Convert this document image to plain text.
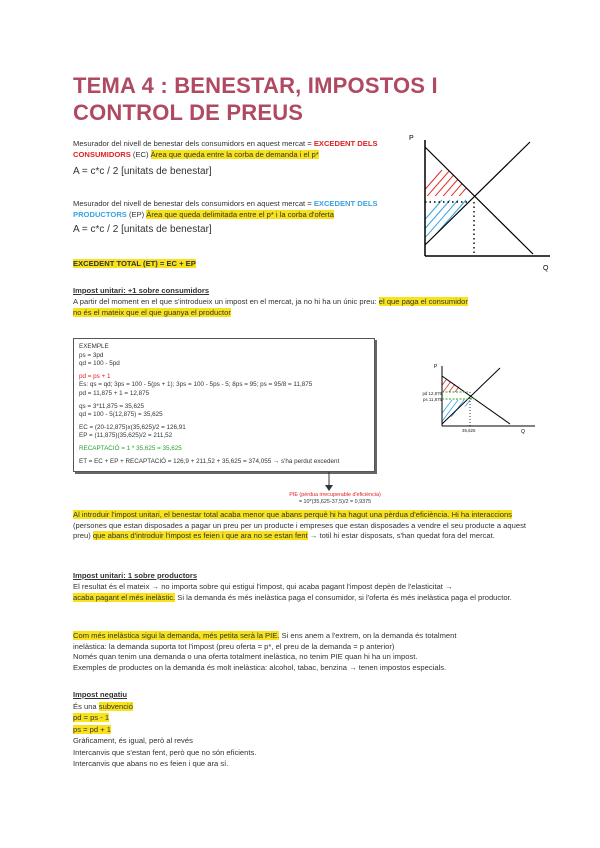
TEMA 4 : BENESTAR, IMPOSTOS I CONTROL DE PREUS
Mesurador del nivell de benestar dels consumidors en aquest mercat = EXCEDENT DELS CONSUMIDORS (EC) Àrea que queda entre la corba de demanda i el p*
A = c*c / 2 [unitats de benestar]
Mesurador del nivell de benestar dels consumidors en aquest mercat = EXCEDENT DELS PRODUCTORS (EP) Àrea que queda delimitada entre el p* i la corba d'oferta
A = c*c / 2 [unitats de benestar]
EXCEDENT TOTAL (ET) = EC + EP
P
Q
Impost unitari: +1 sobre consumidors
A partir del moment en el que s'introdueix un impost en el mercat, ja no hi ha un únic preu: el que paga el consumidor
no és el mateix que el que guanya el productor
EXEMPLE
ps = 3pd
qd = 100 - 5pd
pd = ps + 1
Es: qs = qd; 3ps = 100 - 5(ps + 1); 3ps = 100 - 5ps - 5; 8ps = 95; ps = 95/8 = 11,875
pd = 11,875 + 1 = 12,875
qs = 3*11,875 = 35,625
qd = 100 - 5(12,875) = 35,625
EC = (20-12,875)x(35,625)/2 = 126,91
EP = (11,875)(35,625)/2 = 211,52
RECAPTACIÓ = 1 * 35,625 = 35,625
ET = EC + EP + RECAPTACIÓ = 126,9 + 211,52 + 35,625 = 374,055 → s'ha perdut excedent
PIE (pèrdua irrecuperable d'eficiència)
= 10*(35,625-37,5)/2 = 0,9375
P
Q
pd 12,875
ps 11,875
35,625
Al introduir l'impost unitari, el benestar total acaba menor que abans perquè hi ha hagut una pèrdua d'eficiència. Hi ha interaccions (persones que estan disposades a pagar un preu per un producte i empreses que estan disposades a vendre el seu producte a aquest preu) que abans d'introduir l'impost es feien i que ara no se estan fent → totil hi estar disposats, s'han quedat fora del mercat.
Impost unitari: 1 sobre productors
El resultat és el mateix → no importa sobre qui estigui l'impost, qui acaba pagant l'impost depèn de l'elasticitat →
acaba pagant el més inelàstic. Si la demanda és més inelàstica paga el consumidor, si l'oferta és més inelàstica paga el productor.
Com més inelàstica sigui la demanda, més petita serà la PIE. Si ens anem a l'extrem, on la demanda és totalment
inelàstica: la demanda suporta tot l'impost (preu oferta = p*, el preu de la demanda = p anterior)
Només quan tenim una demanda o una oferta totalment inelàstica, no tenim PIE quan hi ha un impost.
Exemples de productes on la demanda és molt inelàstica: alcohol, tabac, benzina → tenen impostos especials.
Impost negatiu
És una subvenció
pd = ps - 1
ps = pd + 1
Gràficament, és igual, però al revés
Intercanvis que s'estan fent, però que no són eficients.
Intercanvis que abans no es feien i que ara sí.
